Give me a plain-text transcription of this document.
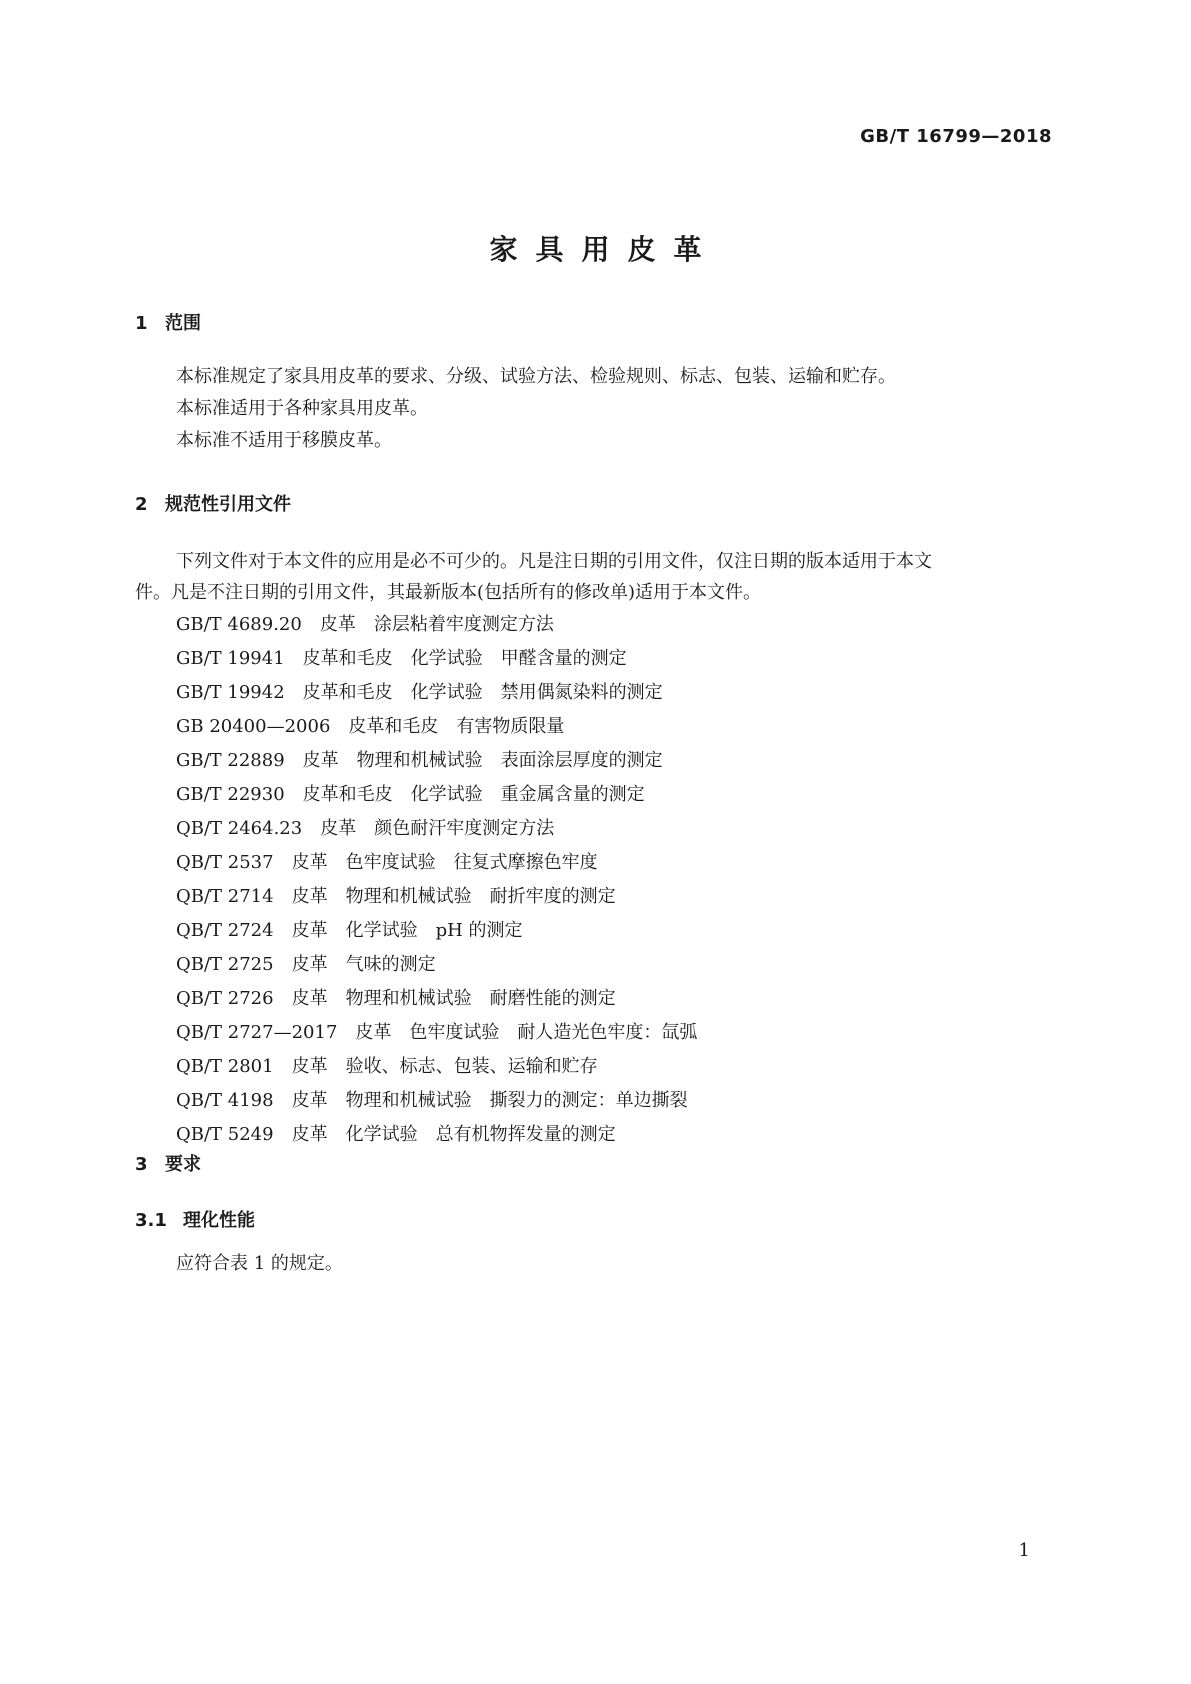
GB/T 16799—2018
家具用皮革
1 范围
本标准规定了家具用皮革的要求、分级、试验方法、检验规则、标志、包装、运输和贮存。
本标准适用于各种家具用皮革。
本标准不适用于移膜皮革。
2 规范性引用文件
下列文件对于本文件的应用是必不可少的。凡是注日期的引用文件，仅注日期的版本适用于本文
件。凡是不注日期的引用文件，其最新版本(包括所有的修改单)适用于本文件。
GB/T 4689.20　皮革　涂层粘着牢度测定方法
GB/T 19941　皮革和毛皮　化学试验　甲醛含量的测定
GB/T 19942　皮革和毛皮　化学试验　禁用偶氮染料的测定
GB 20400—2006　皮革和毛皮　有害物质限量
GB/T 22889　皮革　物理和机械试验　表面涂层厚度的测定
GB/T 22930　皮革和毛皮　化学试验　重金属含量的测定
QB/T 2464.23　皮革　颜色耐汗牢度测定方法
QB/T 2537　皮革　色牢度试验　往复式摩擦色牢度
QB/T 2714　皮革　物理和机械试验　耐折牢度的测定
QB/T 2724　皮革　化学试验　pH 的测定
QB/T 2725　皮革　气味的测定
QB/T 2726　皮革　物理和机械试验　耐磨性能的测定
QB/T 2727—2017　皮革　色牢度试验　耐人造光色牢度：氙弧
QB/T 2801　皮革　验收、标志、包装、运输和贮存
QB/T 4198　皮革　物理和机械试验　撕裂力的测定：单边撕裂
QB/T 5249　皮革　化学试验　总有机物挥发量的测定
3 要求
3.1 理化性能
应符合表 1 的规定。
1
